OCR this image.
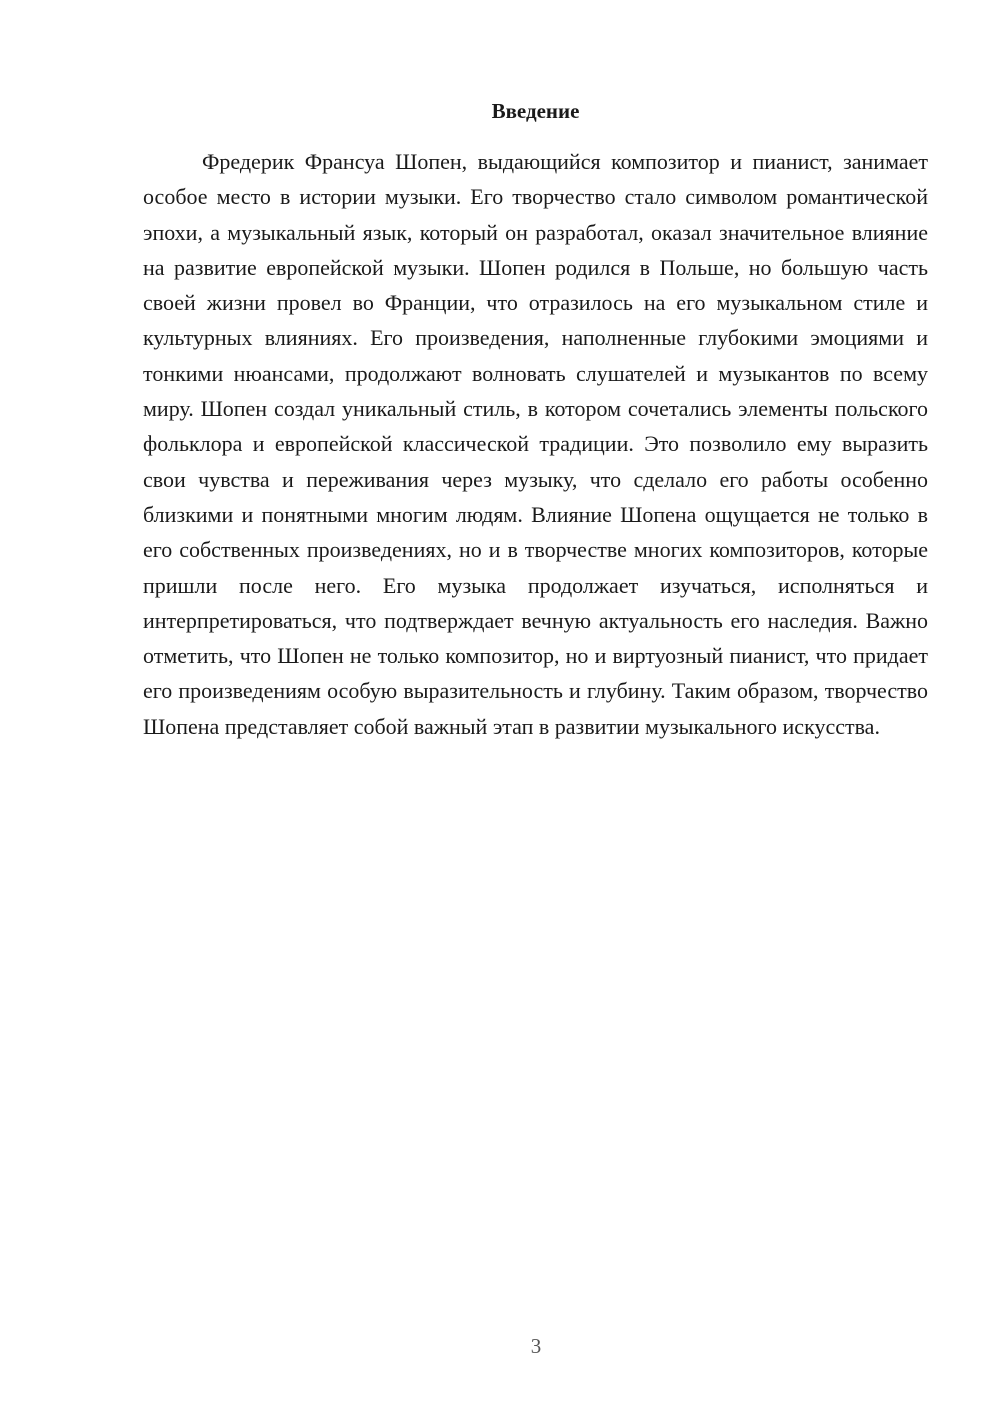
Введение

Фредерик Франсуа Шопен, выдающийся композитор и пианист, занимает особое место в истории музыки. Его творчество стало символом романтической эпохи, а музыкальный язык, который он разработал, оказал значительное влияние на развитие европейской музыки. Шопен родился в Польше, но большую часть своей жизни провел во Франции, что отразилось на его музыкальном стиле и культурных влияниях. Его произведения, наполненные глубокими эмоциями и тонкими нюансами, продолжают волновать слушателей и музыкантов по всему миру. Шопен создал уникальный стиль, в котором сочетались элементы польского фольклора и европейской классической традиции. Это позволило ему выразить свои чувства и переживания через музыку, что сделало его работы особенно близкими и понятными многим людям. Влияние Шопена ощущается не только в его собственных произведениях, но и в творчестве многих композиторов, которые пришли после него. Его музыка продолжает изучаться, исполняться и интерпретироваться, что подтверждает вечную актуальность его наследия. Важно отметить, что Шопен не только композитор, но и виртуозный пианист, что придает его произведениям особую выразительность и глубину. Таким образом, творчество Шопена представляет собой важный этап в развитии музыкального искусства.

3
